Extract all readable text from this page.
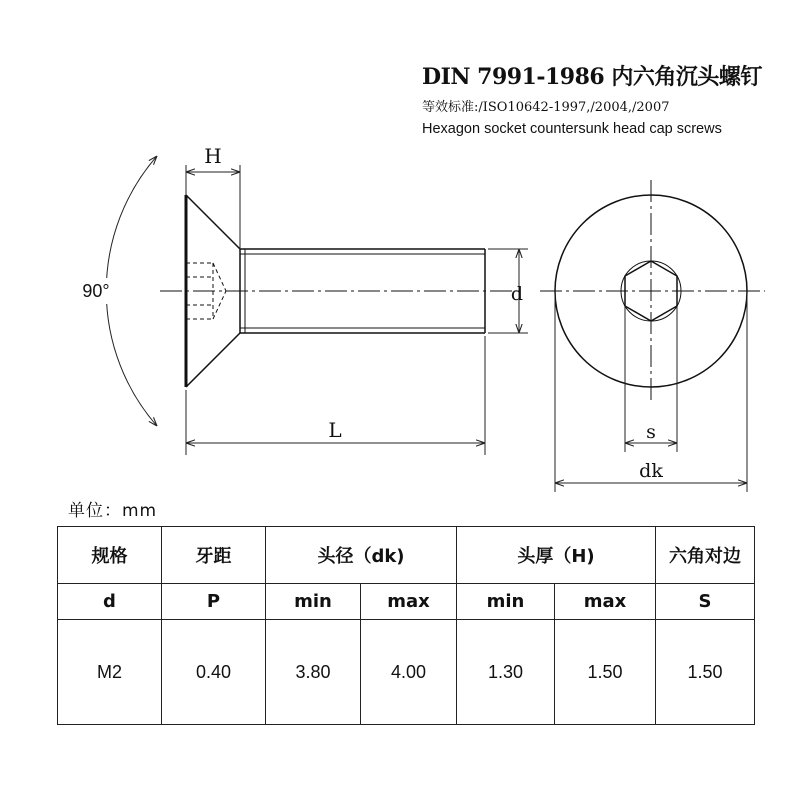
DIN 7991-1986 内六角沉头螺钉
等效标准:/ISO10642-1997,/2004,/2007
Hexagon socket countersunk head cap screws
H
90°	d
L	s
dk
单位：mm
规格	牙距	头径（dk)		头厚（H)		六角对边
d	P	min	max	min	max	S
M2	0.40	3.80	4.00	1.30	1.50	1.50
